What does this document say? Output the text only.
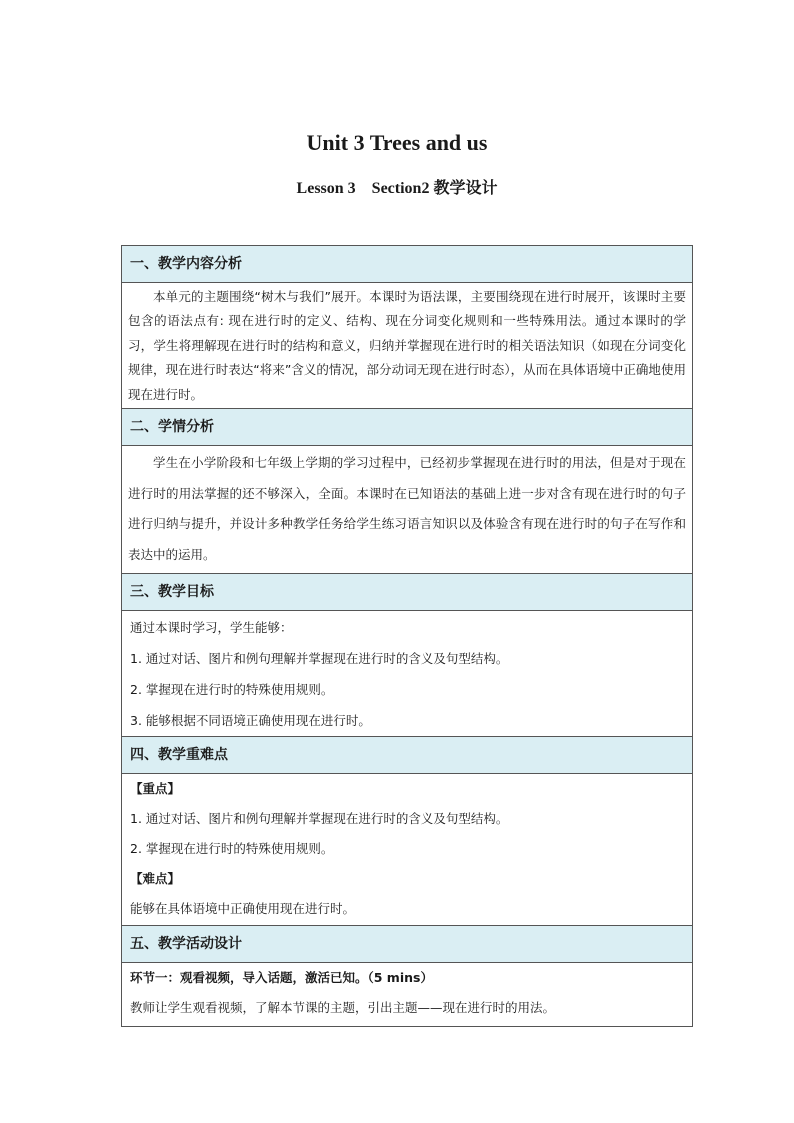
Unit 3 Trees and us
Lesson 3    Section2 教学设计
一、教学内容分析
本单元的主题围绕“树木与我们”展开。本课时为语法课，主要围绕现在进行时展开，该课时主要包含的语法点有: 现在进行时的定义、结构、现在分词变化规则和一些特殊用法。通过本课时的学习，学生将理解现在进行时的结构和意义，归纳并掌握现在进行时的相关语法知识（如现在分词变化规律，现在进行时表达“将来”含义的情况，部分动词无现在进行时态），从而在具体语境中正确地使用现在进行时。
二、学情分析
学生在小学阶段和七年级上学期的学习过程中，已经初步掌握现在进行时的用法，但是对于现在进行时的用法掌握的还不够深入，全面。本课时在已知语法的基础上进一步对含有现在进行时的句子进行归纳与提升，并设计多种教学任务给学生练习语言知识以及体验含有现在进行时的句子在写作和表达中的运用。
三、教学目标
通过本课时学习，学生能够：
1. 通过对话、图片和例句理解并掌握现在进行时的含义及句型结构。
2. 掌握现在进行时的特殊使用规则。
3. 能够根据不同语境正确使用现在进行时。
四、教学重难点
【重点】
1. 通过对话、图片和例句理解并掌握现在进行时的含义及句型结构。
2. 掌握现在进行时的特殊使用规则。
【难点】
能够在具体语境中正确使用现在进行时。
五、教学活动设计
环节一：观看视频，导入话题，激活已知。（5 mins）
教师让学生观看视频，了解本节课的主题，引出主题——现在进行时的用法。
